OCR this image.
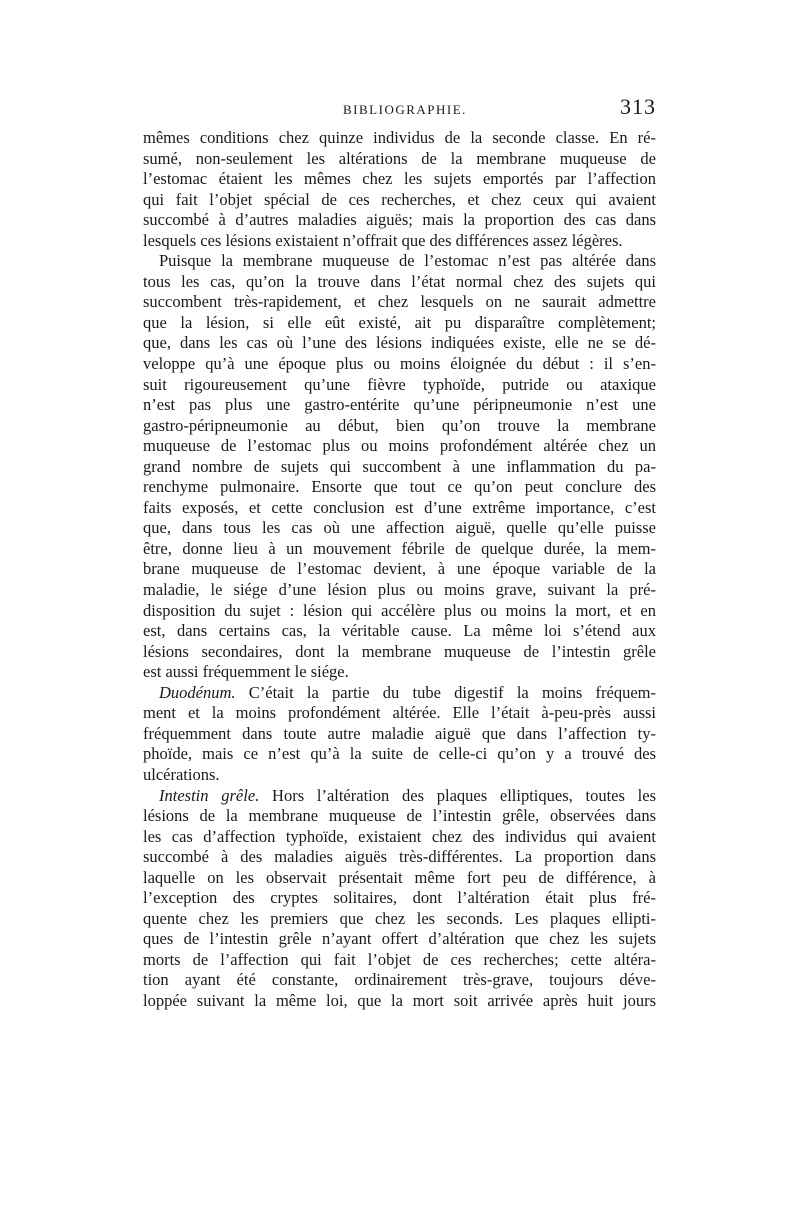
BIBLIOGRAPHIE.	313
mêmes conditions chez quinze individus de la seconde classe. En ré-
sumé, non-seulement les altérations de la membrane muqueuse de
l’estomac étaient les mêmes chez les sujets emportés par l’affection
qui fait l’objet spécial de ces recherches, et chez ceux qui avaient
succombé à d’autres maladies aiguës; mais la proportion des cas dans
lesquels ces lésions existaient n’offrait que des différences assez légères.
Puisque la membrane muqueuse de l’estomac n’est pas altérée dans
tous les cas, qu’on la trouve dans l’état normal chez des sujets qui
succombent très-rapidement, et chez lesquels on ne saurait admettre
que la lésion, si elle eût existé, ait pu disparaître complètement;
que, dans les cas où l’une des lésions indiquées existe, elle ne se dé-
veloppe qu’à une époque plus ou moins éloignée du début : il s’en-
suit rigoureusement qu’une fièvre typhoïde, putride ou ataxique
n’est pas plus une gastro-entérite qu’une péripneumonie n’est une
gastro-péripneumonie au début, bien qu’on trouve la membrane
muqueuse de l’estomac plus ou moins profondément altérée chez un
grand nombre de sujets qui succombent à une inflammation du pa-
renchyme pulmonaire. Ensorte que tout ce qu’on peut conclure des
faits exposés, et cette conclusion est d’une extrême importance, c’est
que, dans tous les cas où une affection aiguë, quelle qu’elle puisse
être, donne lieu à un mouvement fébrile de quelque durée, la mem-
brane muqueuse de l’estomac devient, à une époque variable de la
maladie, le siége d’une lésion plus ou moins grave, suivant la pré-
disposition du sujet : lésion qui accélère plus ou moins la mort, et en
est, dans certains cas, la véritable cause. La même loi s’étend aux
lésions secondaires, dont la membrane muqueuse de l’intestin grêle
est aussi fréquemment le siége.
Duodénum. C’était la partie du tube digestif la moins fréquem-
ment et la moins profondément altérée. Elle l’était à-peu-près aussi
fréquemment dans toute autre maladie aiguë que dans l’affection ty-
phoïde, mais ce n’est qu’à la suite de celle-ci qu’on y a trouvé des
ulcérations.
Intestin grêle. Hors l’altération des plaques elliptiques, toutes les
lésions de la membrane muqueuse de l’intestin grêle, observées dans
les cas d’affection typhoïde, existaient chez des individus qui avaient
succombé à des maladies aiguës très-différentes. La proportion dans
laquelle on les observait présentait même fort peu de différence, à
l’exception des cryptes solitaires, dont l’altération était plus fré-
quente chez les premiers que chez les seconds. Les plaques ellipti-
ques de l’intestin grêle n’ayant offert d’altération que chez les sujets
morts de l’affection qui fait l’objet de ces recherches; cette altéra-
tion ayant été constante, ordinairement très-grave, toujours déve-
loppée suivant la même loi, que la mort soit arrivée après huit jours
